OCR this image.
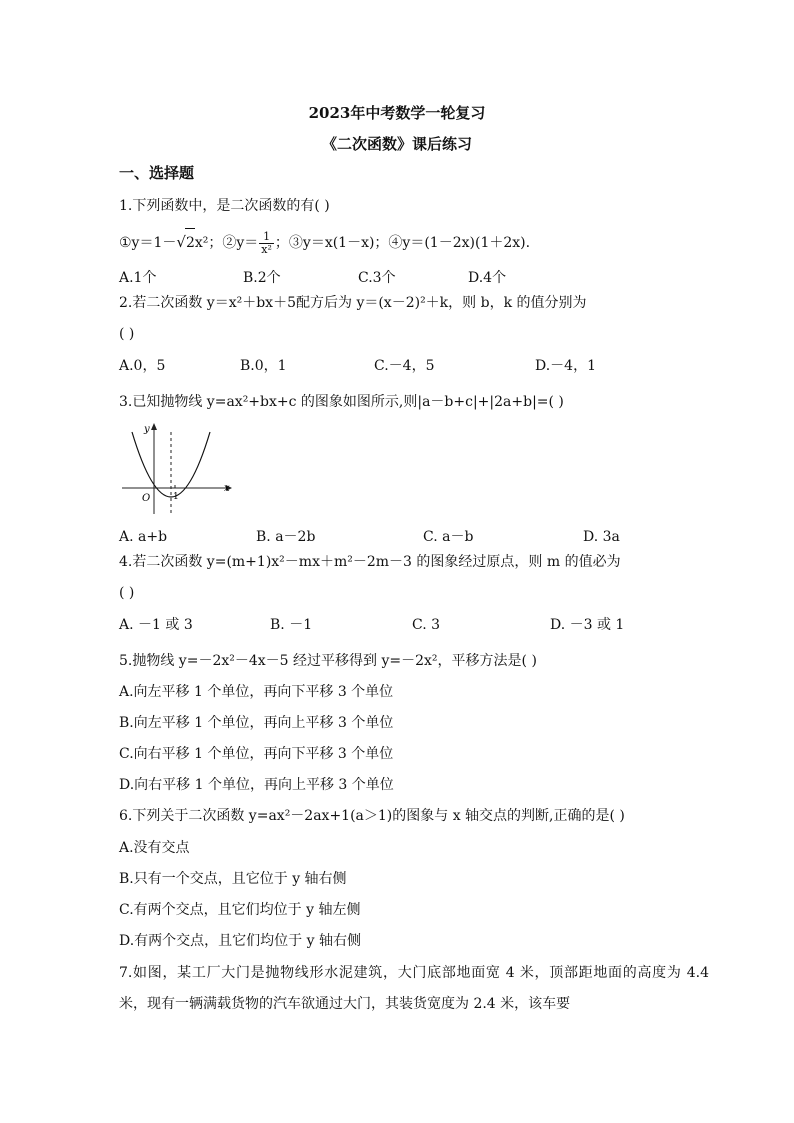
2023年中考数学一轮复习
《二次函数》课后练习
一、选择题
1.下列函数中，是二次函数的有( )
①y＝1－√2x²；②y＝ $\frac{1}{\text{x²}}$ ；③y＝x(1－x)；④y＝(1－2x)(1＋2x).
A.1个	B.2个	C.3个	D.4个
2.若二次函数 y＝x²＋bx＋5配方后为 y＝(x－2)²＋k，则 b，k 的值分别为
( )
A.0，5	B.0，1	C.－4，5	D.－4，1
3.已知抛物线 y=ax²+bx+c 的图象如图所示,则|a－b+c|+|2a+b|=( )
y
x
O	1
A. a+b	B. a－2b	C. a－b	D. 3a
4.若二次函数 y=(m+1)x²－mx＋m²－2m－3 的图象经过原点，则 m 的值必为
( )
A. －1 或 3	B. －1	C. 3	D. －3 或 1
5.抛物线 y=－2x²－4x－5 经过平移得到 y=－2x²，平移方法是( )
A.向左平移 1 个单位，再向下平移 3 个单位
B.向左平移 1 个单位，再向上平移 3 个单位
C.向右平移 1 个单位，再向下平移 3 个单位
D.向右平移 1 个单位，再向上平移 3 个单位
6.下列关于二次函数 y=ax²－2ax+1(a＞1)的图象与 x 轴交点的判断,正确的是( )
A.没有交点
B.只有一个交点，且它位于 y 轴右侧
C.有两个交点，且它们均位于 y 轴左侧
D.有两个交点，且它们均位于 y 轴右侧
7.如图，某工厂大门是抛物线形水泥建筑，大门底部地面宽 4 米，顶部距地面的高度为 4.4 米，现有一辆满载货物的汽车欲通过大门，其装货宽度为 2.4 米，该车要
